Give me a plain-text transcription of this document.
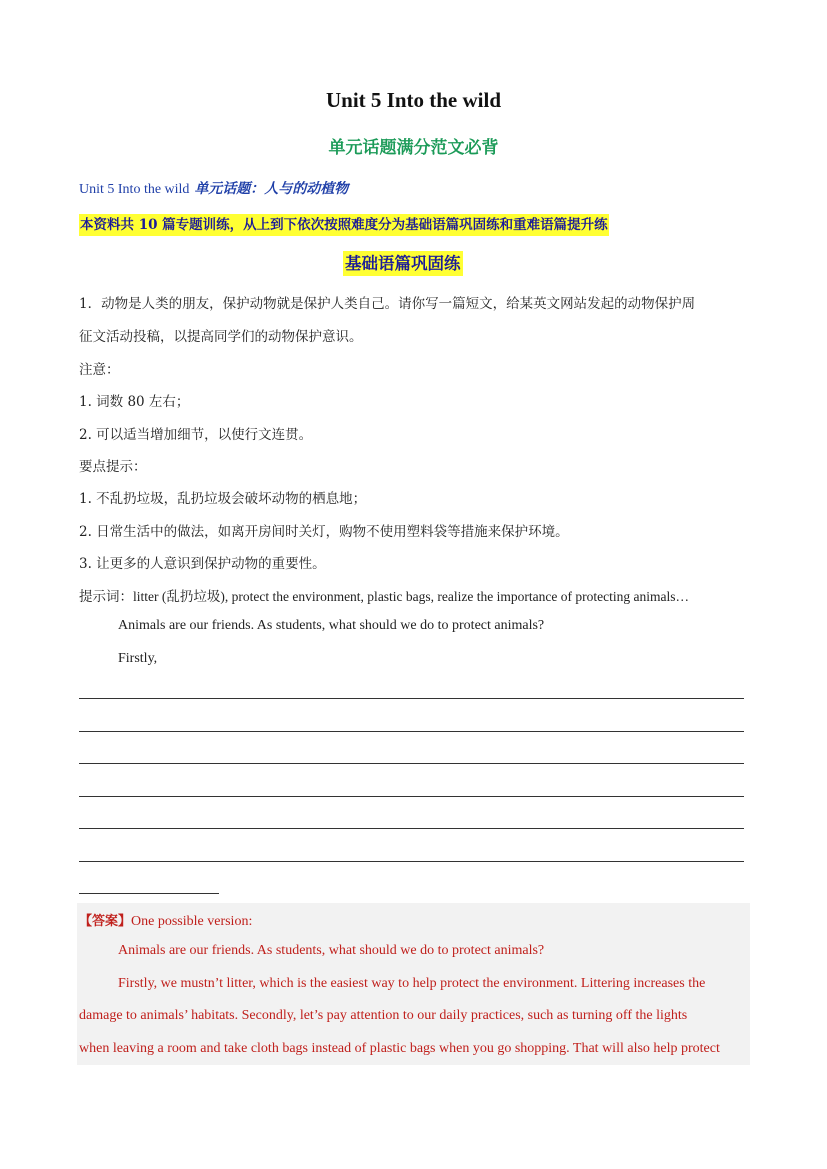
Unit 5 Into the wild
单元话题满分范文必背
Unit 5 Into the wild 单元话题：人与的动植物
本资料共 10 篇专题训练，从上到下依次按照难度分为基础语篇巩固练和重难语篇提升练
基础语篇巩固练
1．动物是人类的朋友，保护动物就是保护人类自己。请你写一篇短文，给某英文网站发起的动物保护周
征文活动投稿，以提高同学们的动物保护意识。
注意：
1. 词数 80 左右；
2. 可以适当增加细节，以使行文连贯。
要点提示：
1. 不乱扔垃圾，乱扔垃圾会破坏动物的栖息地；
2. 日常生活中的做法，如离开房间时关灯，购物不使用塑料袋等措施来保护环境。
3. 让更多的人意识到保护动物的重要性。
提示词：litter (乱扔垃圾), protect the environment, plastic bags, realize the importance of protecting animals…
Animals are our friends. As students, what should we do to protect animals?
Firstly,
【答案】One possible version:
Animals are our friends. As students, what should we do to protect animals?
Firstly, we mustn’t litter, which is the easiest way to help protect the environment. Littering increases the
damage to animals’ habitats. Secondly, let’s pay attention to our daily practices, such as turning off the lights
when leaving a room and take cloth bags instead of plastic bags when you go shopping. That will also help protect
